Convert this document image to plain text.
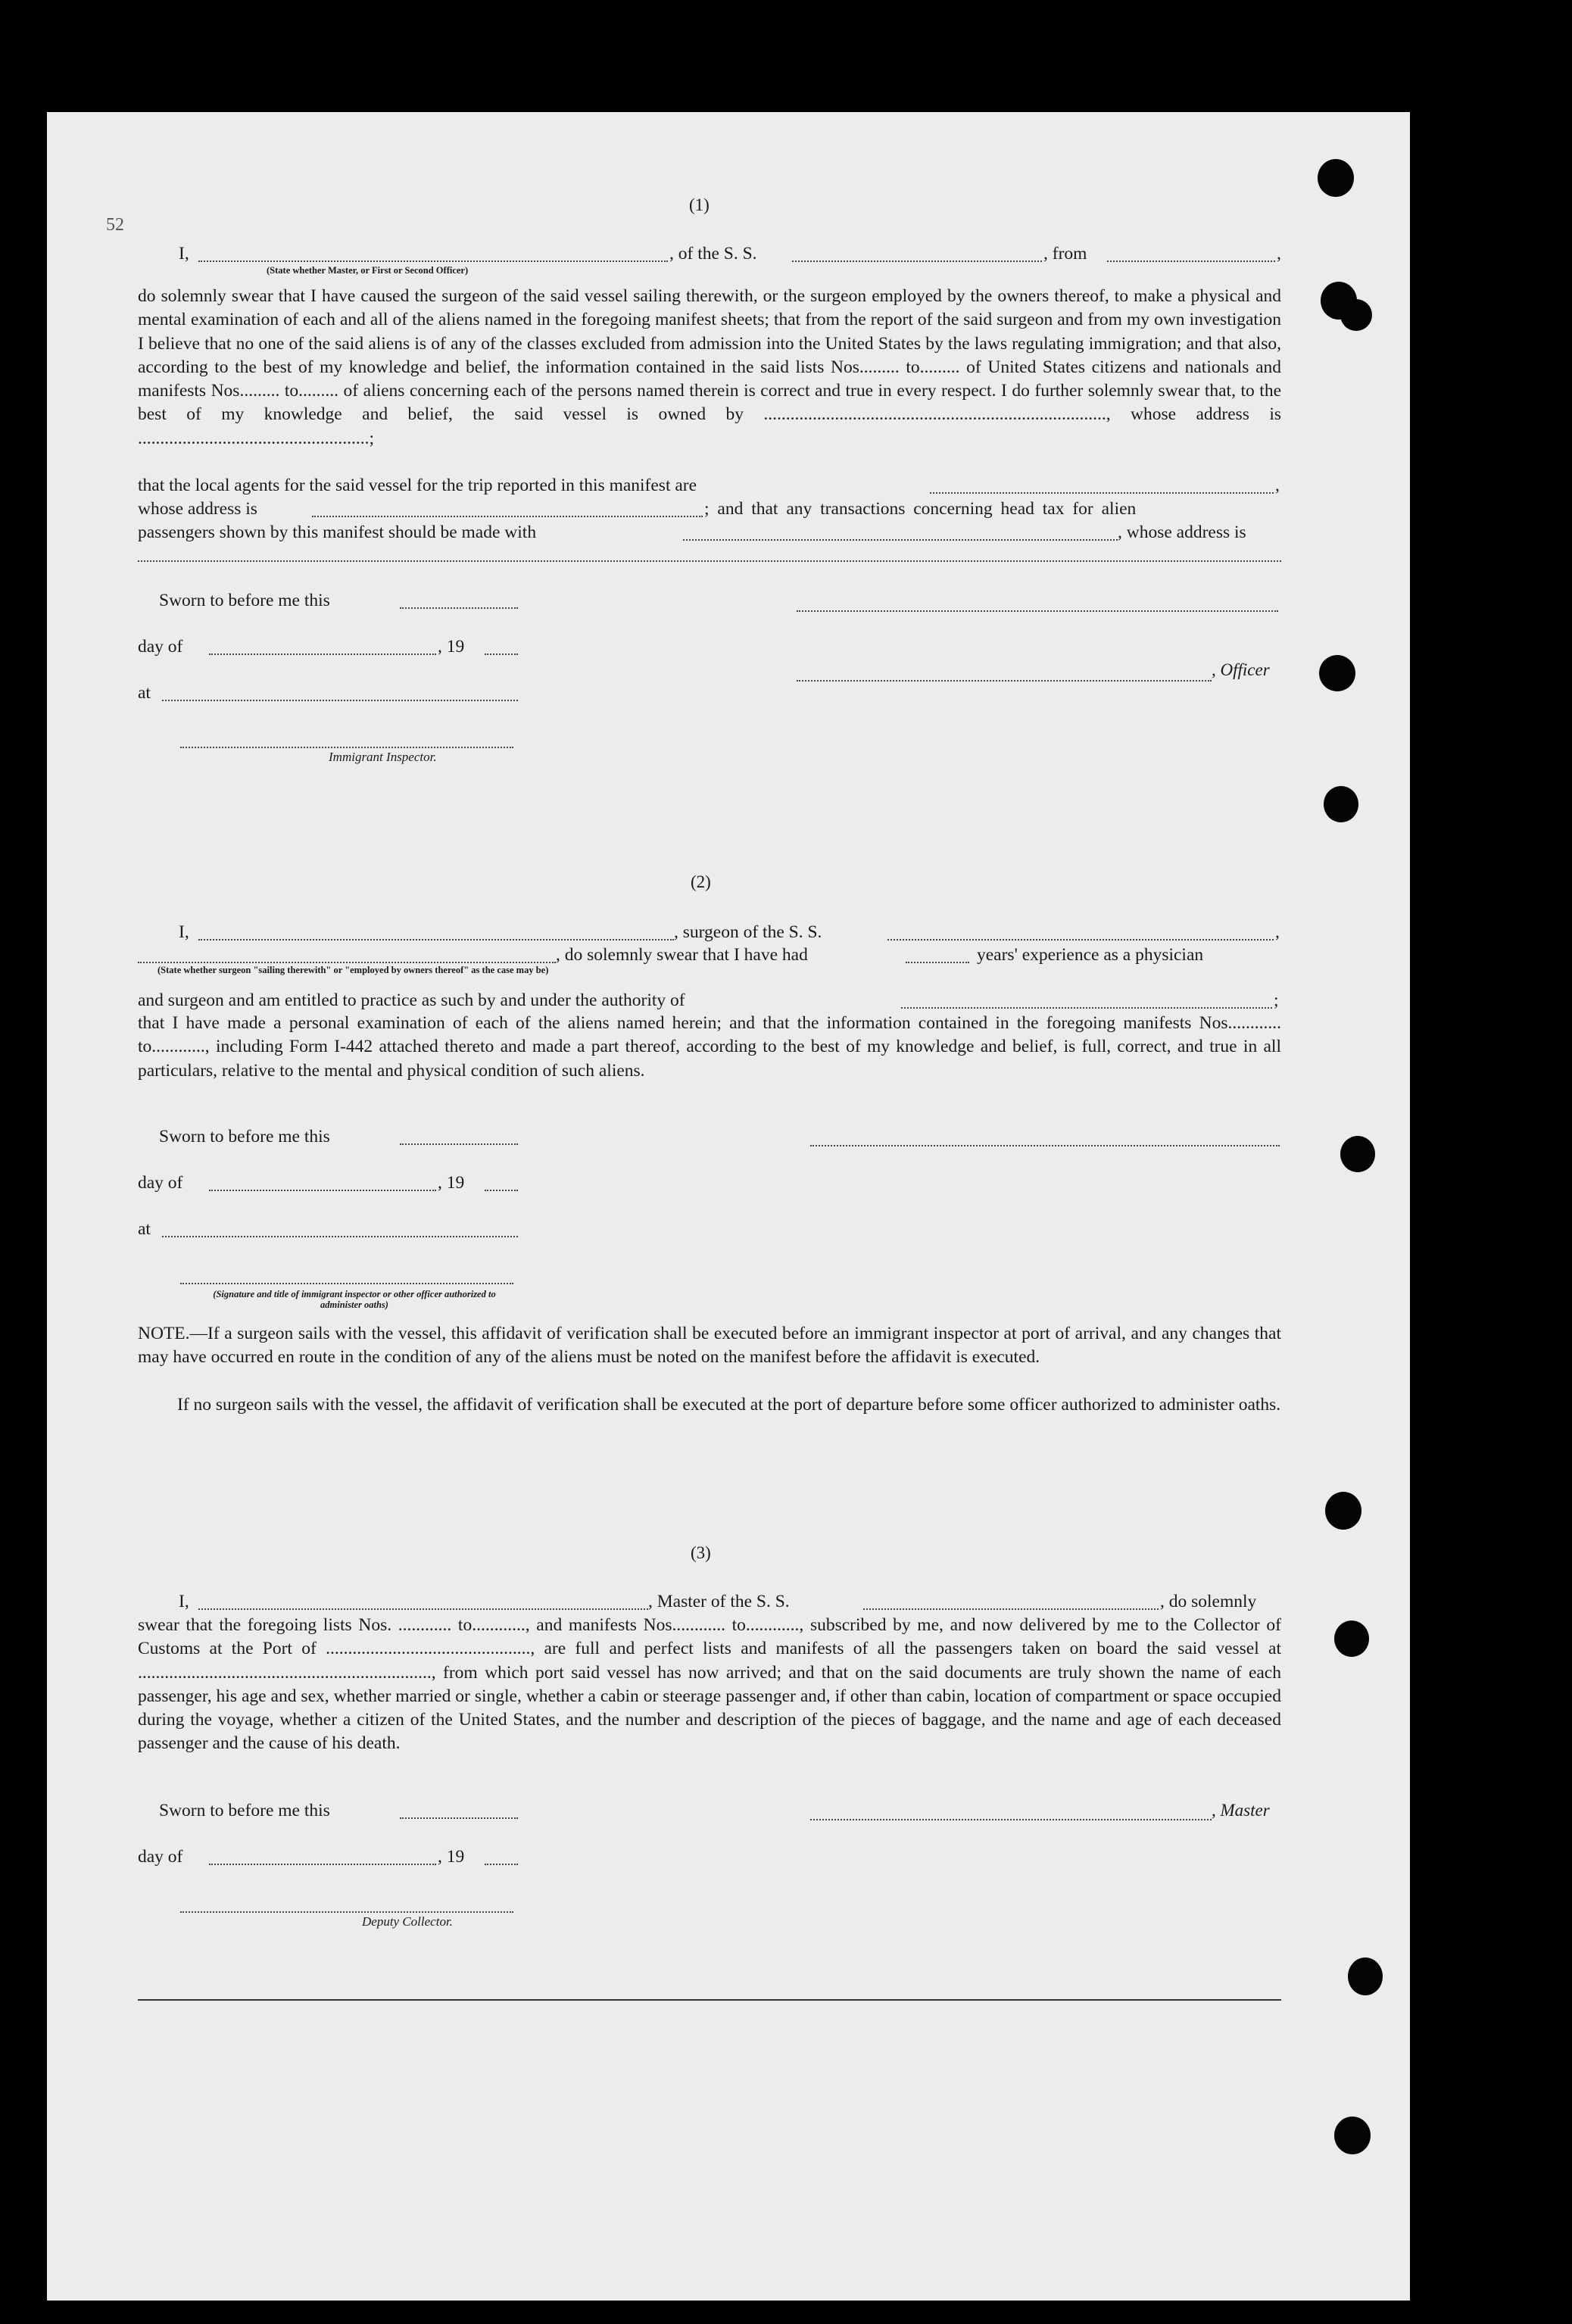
52
(1)
I,	, of the S. S.	, from	,
(State whether Master, or First or Second Officer)
do solemnly swear that I have caused the surgeon of the said vessel sailing therewith, or the surgeon employed by the owners thereof, to make a physical and mental examination of each and all of the aliens named in the foregoing manifest sheets; that from the report of the said surgeon and from my own investigation I believe that no one of the said aliens is of any of the classes excluded from admission into the United States by the laws regulating immigration; and that also, according to the best of my knowledge and belief, the information contained in the said lists Nos......... to......... of United States citizens and nationals and manifests Nos......... to......... of aliens concerning each of the persons named therein is correct and true in every respect. I do further solemnly swear that, to the best of my knowledge and belief, the said vessel is owned by ............................................................................., whose address is ....................................................;
that the local agents for the said vessel for the trip reported in this manifest are	,
whose address is	; and that any transactions concerning head tax for alien
passengers shown by this manifest should be made with	, whose address is
Sworn to before me this
day of	, 19
, Officer
at
Immigrant Inspector.
(2)
I,	, surgeon of the S. S.	,
, do solemnly swear that I have had	years' experience as a physician
(State whether surgeon "sailing therewith" or "employed by owners thereof" as the case may be)
and surgeon and am entitled to practice as such by and under the authority of	;
that I have made a personal examination of each of the aliens named herein; and that the information contained in the foregoing manifests Nos............ to............, including Form I-442 attached thereto and made a part thereof, according to the best of my knowledge and belief, is full, correct, and true in all particulars, relative to the mental and physical condition of such aliens.
Sworn to before me this
day of	, 19
at
(Signature and title of immigrant inspector or other officer authorized to administer oaths)
NOTE.—If a surgeon sails with the vessel, this affidavit of verification shall be executed before an immigrant inspector at port of arrival, and any changes that may have occurred en route in the condition of any of the aliens must be noted on the manifest before the affidavit is executed.
If no surgeon sails with the vessel, the affidavit of verification shall be executed at the port of departure before some officer authorized to administer oaths.
(3)
I,	, Master of the S. S.	, do solemnly
swear that the foregoing lists Nos. ............ to............, and manifests Nos............ to............, subscribed by me, and now delivered by me to the Collector of Customs at the Port of .............................................., are full and perfect lists and manifests of all the passengers taken on board the said vessel at .................................................................., from which port said vessel has now arrived; and that on the said documents are truly shown the name of each passenger, his age and sex, whether married or single, whether a cabin or steerage passenger and, if other than cabin, location of compartment or space occupied during the voyage, whether a citizen of the United States, and the number and description of the pieces of baggage, and the name and age of each deceased passenger and the cause of his death.
Sworn to before me this	, Master
day of	, 19
Deputy Collector.
